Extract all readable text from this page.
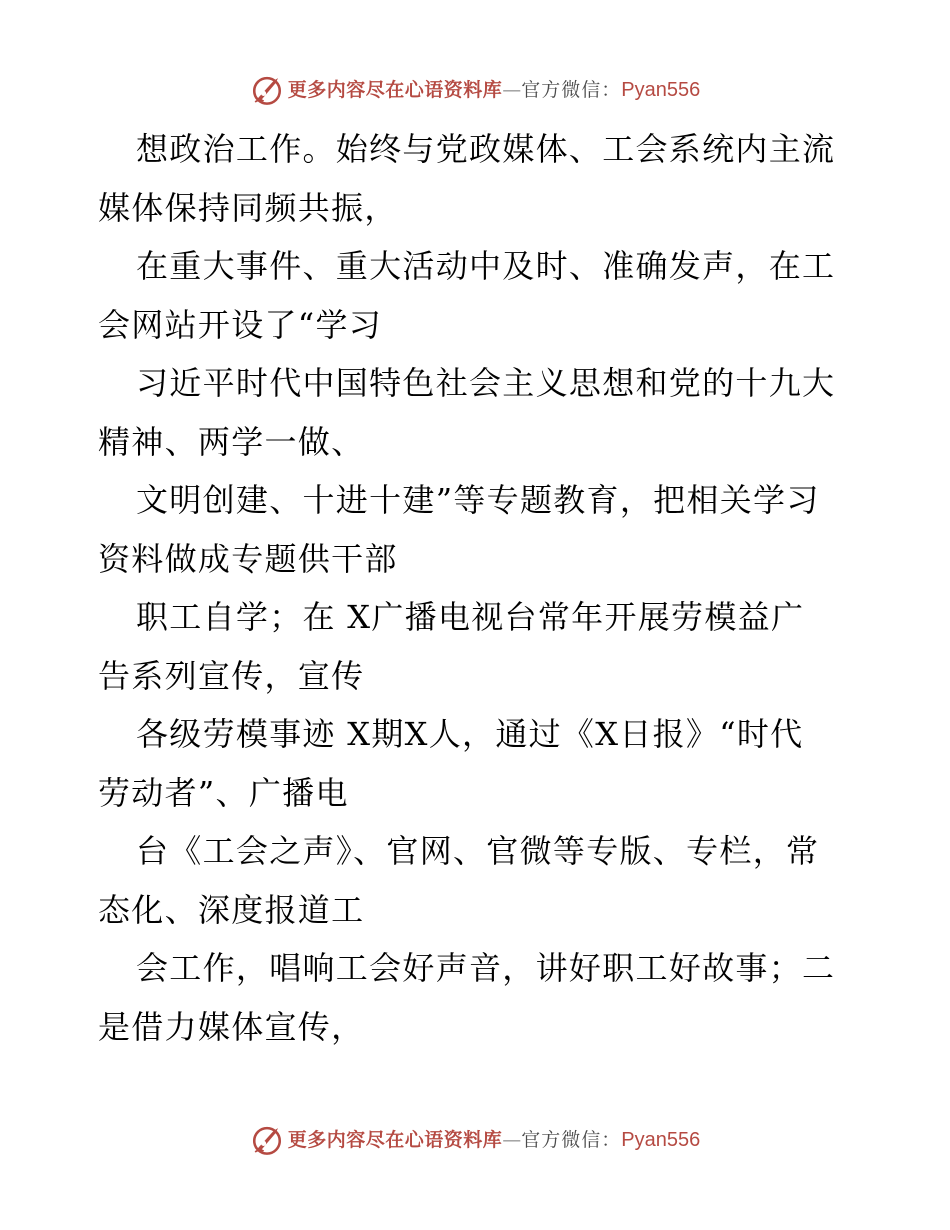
更多内容尽在心语资料库 — 官方微信： Pyan556
想政治工作。始终与党政媒体、工会系统内主流
媒体保持同频共振，
在重大事件、重大活动中及时、准确发声，在工
会网站开设了“学习
习近平时代中国特色社会主义思想和党的十九大
精神、两学一做、
文明创建、十进十建”等专题教育，把相关学习
资料做成专题供干部
职工自学；在 X广播电视台常年开展劳模益广
告系列宣传，宣传
各级劳模事迹 X期X人，通过《X日报》“时代
劳动者”、广播电
台《工会之声》、官网、官微等专版、专栏，常
态化、深度报道工
会工作，唱响工会好声音，讲好职工好故事；二
是借力媒体宣传，
更多内容尽在心语资料库 — 官方微信： Pyan556
